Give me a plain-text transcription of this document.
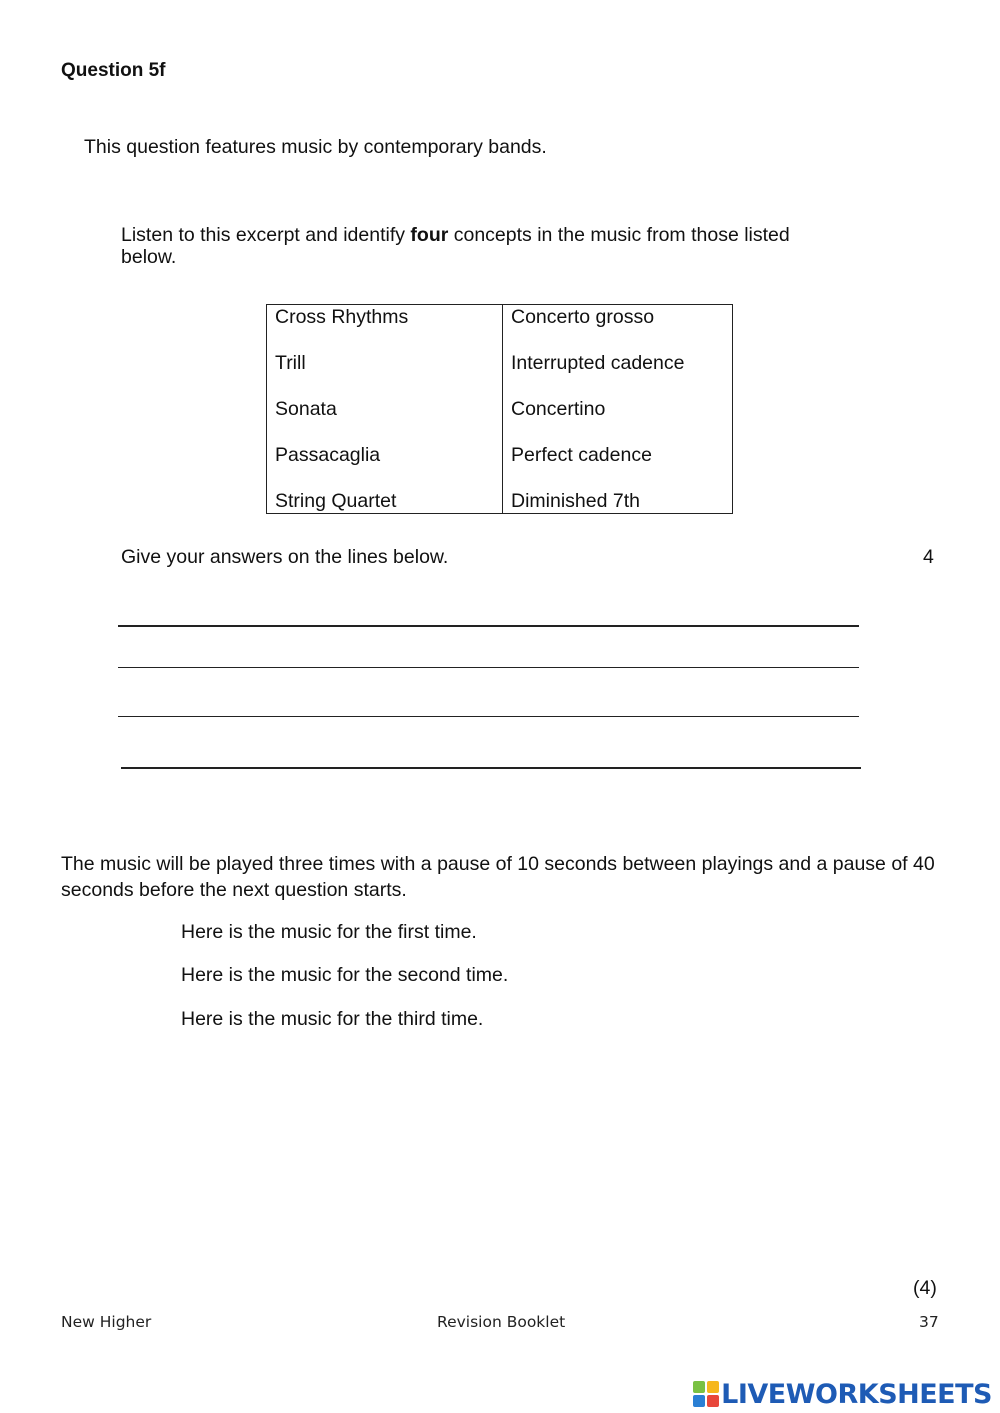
Question 5f
This question features music by contemporary bands.
Listen to this excerpt and identify four concepts in the music from those listed below.
Cross Rhythms	Concerto grosso
Trill	Interrupted cadence
Sonata	Concertino
Passacaglia	Perfect cadence
String Quartet	Diminished 7th
Give your answers on the lines below.	4
The music will be played three times with a pause of 10 seconds between playings and a pause of 40 seconds before the next question starts.
Here is the music for the first time.
Here is the music for the second time.
Here is the music for the third time.
(4)
New Higher	Revision Booklet	37
LIVEWORKSHEETS
